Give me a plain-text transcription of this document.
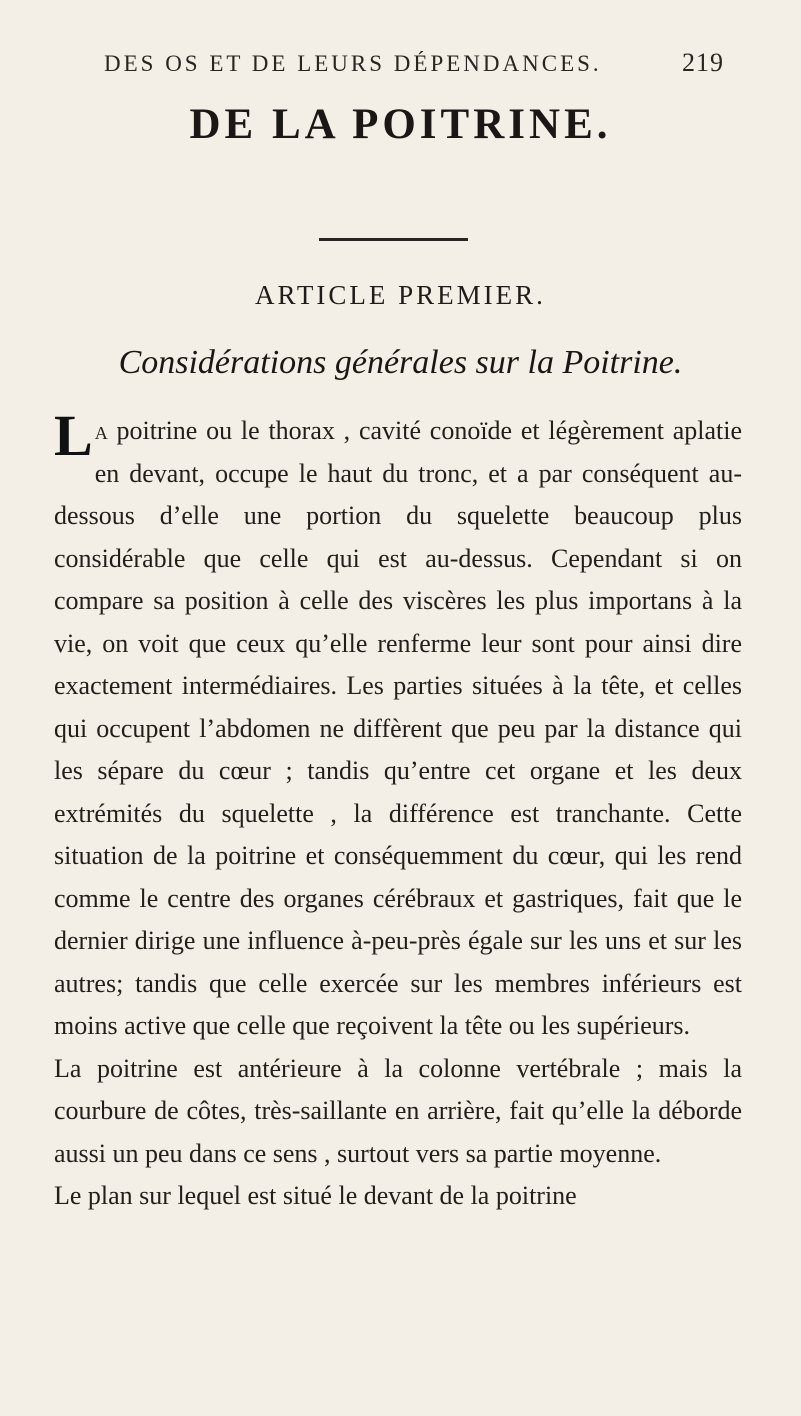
DES OS ET DE LEURS DÉPENDANCES.	219
DE LA POITRINE.
ARTICLE PREMIER.
Considérations générales sur la Poitrine.

La poitrine ou le thorax , cavité conoïde et légèrement aplatie en devant, occupe le haut du tronc, et a par conséquent au-dessous d’elle une portion du squelette beaucoup plus considérable que celle qui est au-dessus. Cependant si on compare sa position à celle des viscères les plus importans à la vie, on voit que ceux qu’elle renferme leur sont pour ainsi dire exactement intermédiaires. Les parties situées à la tête, et celles qui occupent l’abdomen ne diffèrent que peu par la distance qui les sépare du cœur ; tandis qu’entre cet organe et les deux extrémités du squelette , la différence est tranchante. Cette situation de la poitrine et conséquemment du cœur, qui les rend comme le centre des organes cérébraux et gastriques, fait que le dernier dirige une influence à-peu-près égale sur les uns et sur les autres; tandis que celle exercée sur les membres inférieurs est moins active que celle que reçoivent la tête ou les supérieurs.

La poitrine est antérieure à la colonne vertébrale ; mais la courbure de côtes, très-saillante en arrière, fait qu’elle la déborde aussi un peu dans ce sens , surtout vers sa partie moyenne.

Le plan sur lequel est situé le devant de la poitrine
